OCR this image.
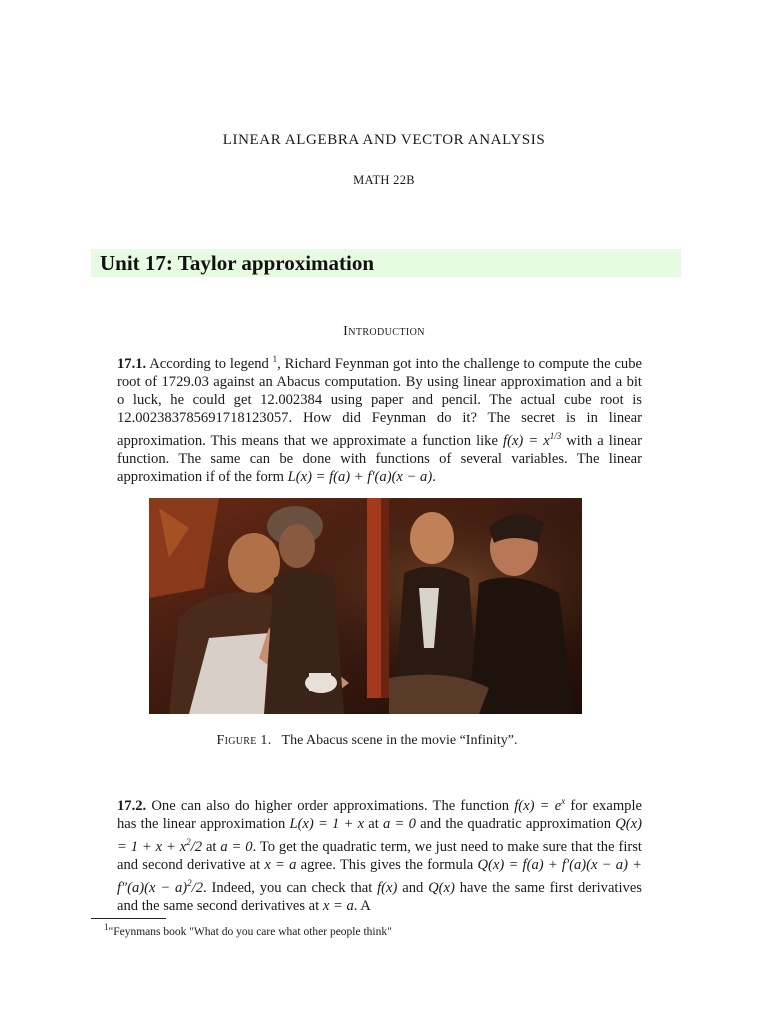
LINEAR ALGEBRA AND VECTOR ANALYSIS
MATH 22B
Unit 17: Taylor approximation
Introduction
17.1. According to legend $^1$, Richard Feynman got into the challenge to compute the cube root of 1729.03 against an Abacus computation. By using linear approximation and a bit o luck, he could get 12.002384 using paper and pencil. The actual cube root is 12.002383785691718123057. How did Feynman do it? The secret is in linear approximation. This means that we approximate a function like $f(x) = x^{1/3}$ with a linear function. The same can be done with functions of several variables. The linear approximation if of the form L(x) = f(a) + f′(a)(x − a).
Figure 1. The Abacus scene in the movie “Infinity”.
17.2. One can also do higher order approximations. The function $f(x) = e^x$ for example has the linear approximation L(x) = 1 + x at a = 0 and the quadratic approximation $Q(x) = 1 + x + x^2/2$ at a = 0. To get the quadratic term, we just need to make sure that the first and second derivative at x = a agree. This gives the formula $Q(x) = f(a) + f'(a)(x - a) + f''(a)(x - a)^2/2$. Indeed, you can check that f(x) and Q(x) have the same first derivatives and the same second derivatives at x = a. A
$^1$"Feynmans book "What do you care what other people think"
